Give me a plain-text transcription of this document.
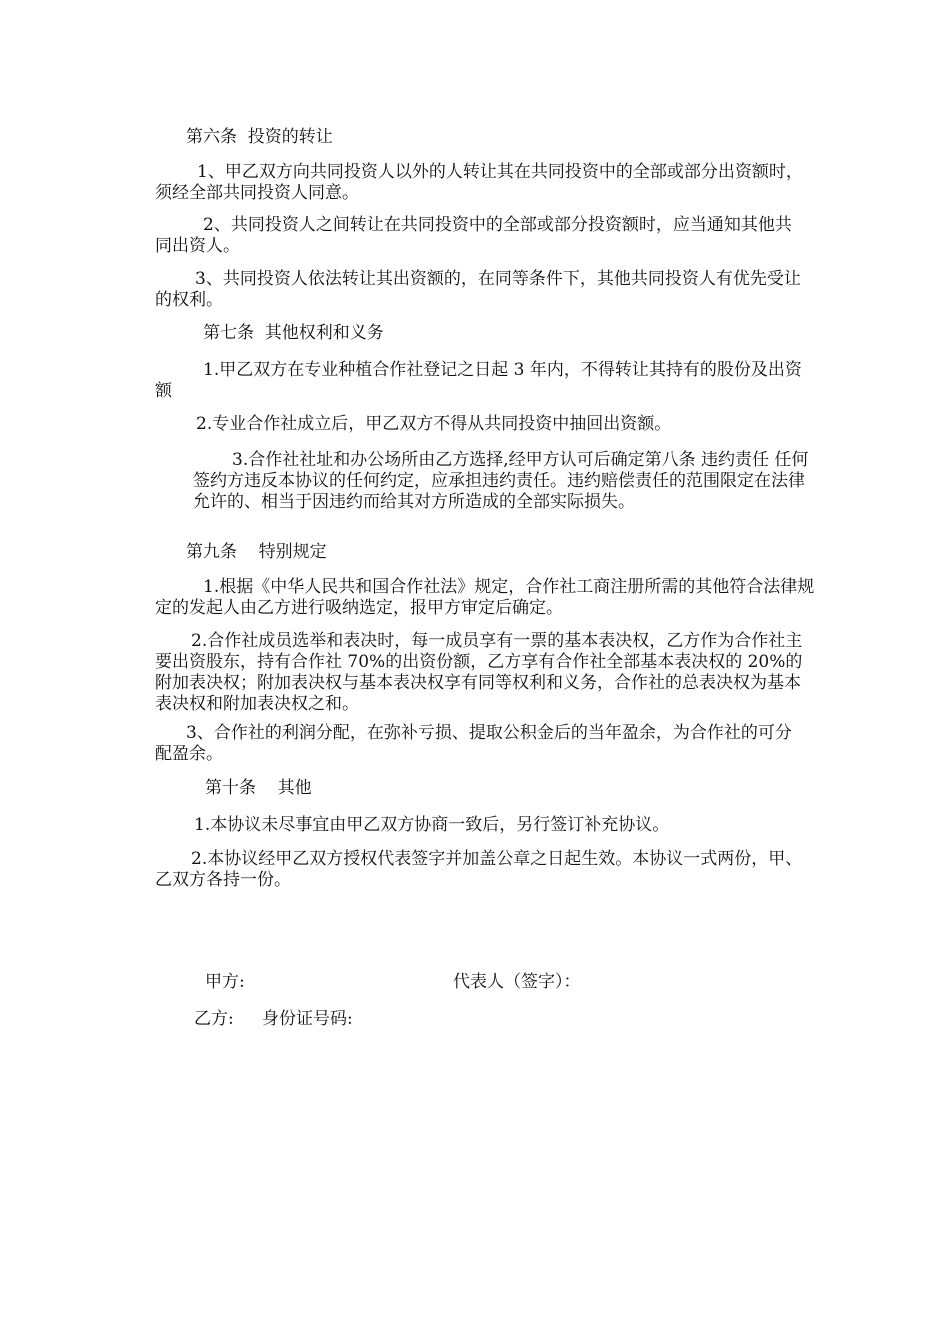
第六条  投资的转让
1、甲乙双方向共同投资人以外的人转让其在共同投资中的全部或部分出资额时，须经全部共同投资人同意。
2、共同投资人之间转让在共同投资中的全部或部分投资额时，应当通知其他共同出资人。
3、共同投资人依法转让其出资额的，在同等条件下，其他共同投资人有优先受让的权利。
第七条  其他权利和义务
1.甲乙双方在专业种植合作社登记之日起 3 年内，不得转让其持有的股份及出资额
2.专业合作社成立后，甲乙双方不得从共同投资中抽回出资额。
3.合作社社址和办公场所由乙方选择,经甲方认可后确定第八条 违约责任 任何签约方违反本协议的任何约定，应承担违约责任。违约赔偿责任的范围限定在法律允许的、相当于因违约而给其对方所造成的全部实际损失。
第九条    特别规定
1.根据《中华人民共和国合作社法》规定，合作社工商注册所需的其他符合法律规定的发起人由乙方进行吸纳选定，报甲方审定后确定。
2.合作社成员选举和表决时，每一成员享有一票的基本表决权，乙方作为合作社主要出资股东，持有合作社 70%的出资份额，乙方享有合作社全部基本表决权的 20%的附加表决权；附加表决权与基本表决权享有同等权利和义务，合作社的总表决权为基本表决权和附加表决权之和。
3、合作社的利润分配，在弥补亏损、提取公积金后的当年盈余，为合作社的可分配盈余。
第十条    其他
1.本协议未尽事宜由甲乙双方协商一致后，另行签订补充协议。
2.本协议经甲乙双方授权代表签字并加盖公章之日起生效。本协议一式两份，甲、乙双方各持一份。
甲方:	代表人（签字）：
乙方: 身份证号码:
